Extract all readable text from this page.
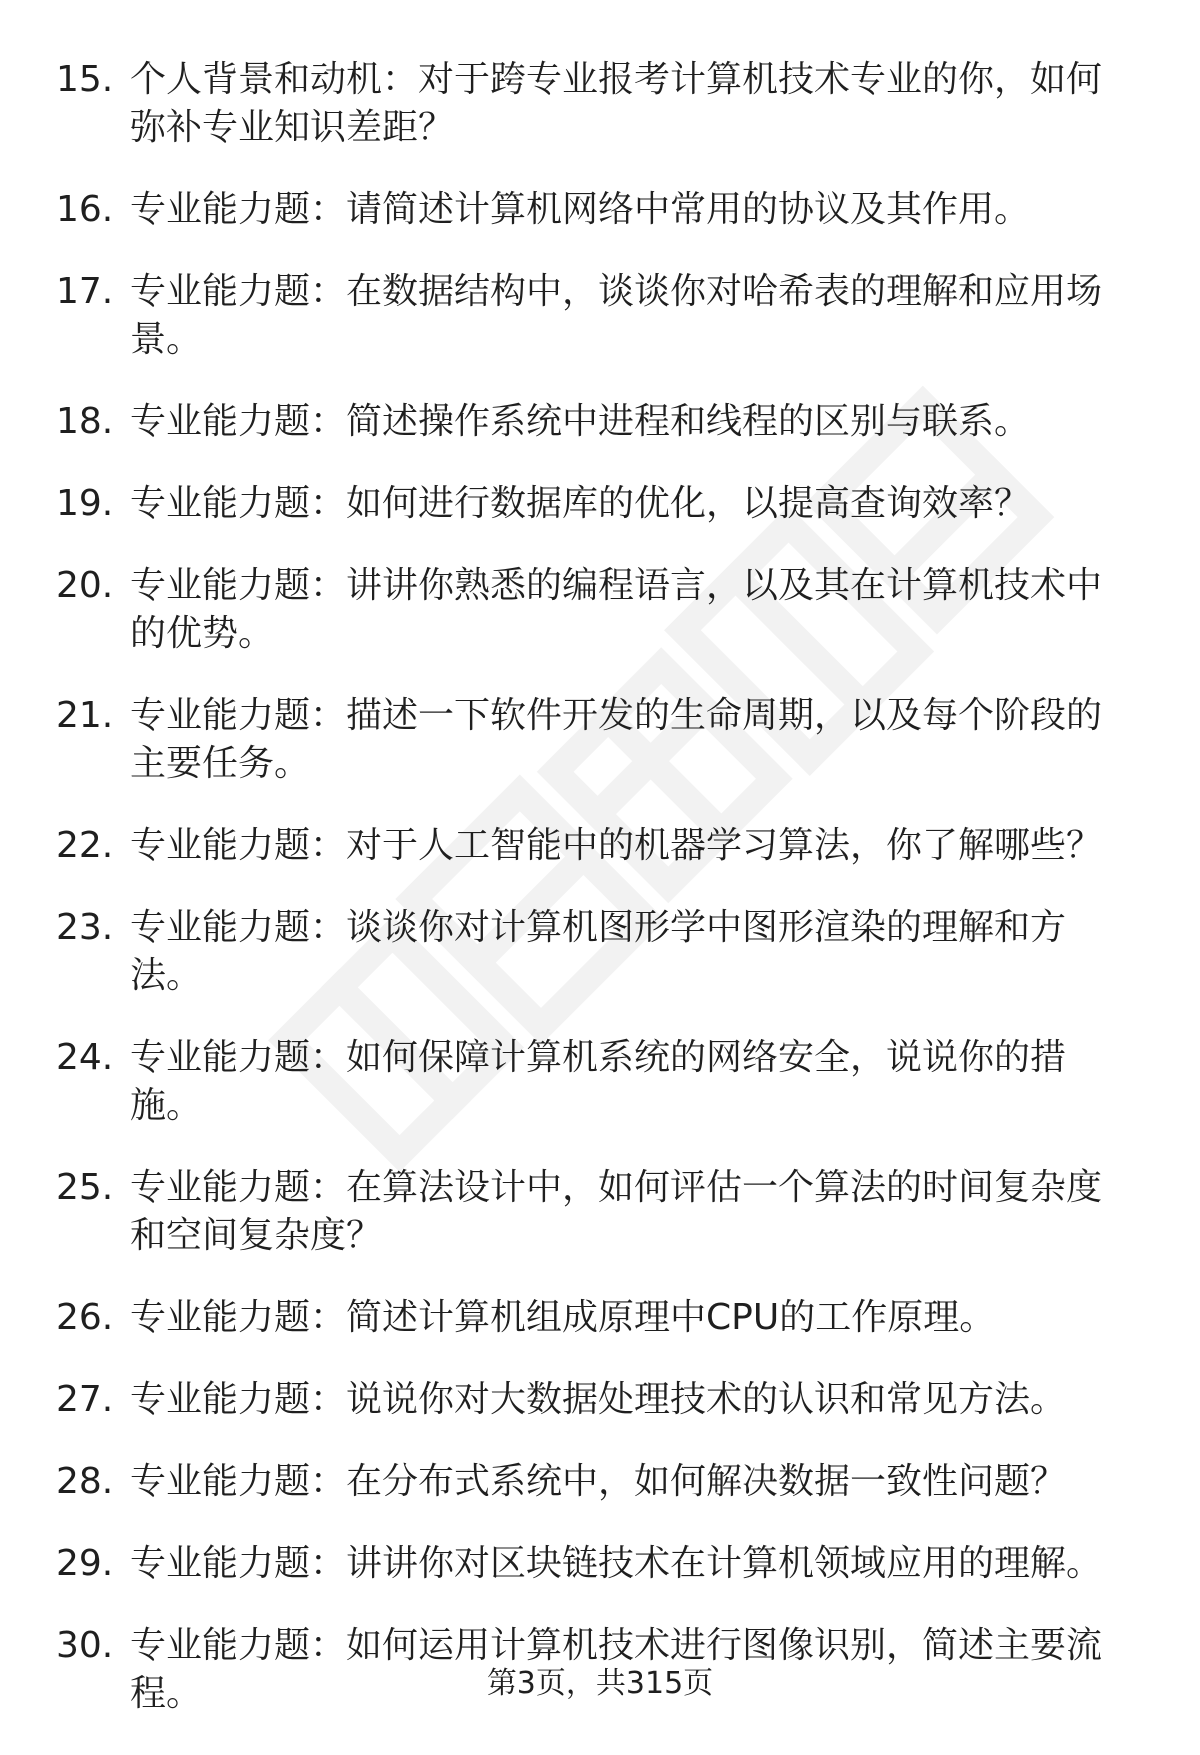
15. 个人背景和动机：对于跨专业报考计算机技术专业的你，如何弥补专业知识差距？
16. 专业能力题：请简述计算机网络中常用的协议及其作用。
17. 专业能力题：在数据结构中，谈谈你对哈希表的理解和应用场景。
18. 专业能力题：简述操作系统中进程和线程的区别与联系。
19. 专业能力题：如何进行数据库的优化，以提高查询效率？
20. 专业能力题：讲讲你熟悉的编程语言，以及其在计算机技术中的优势。
21. 专业能力题：描述一下软件开发的生命周期，以及每个阶段的主要任务。
22. 专业能力题：对于人工智能中的机器学习算法，你了解哪些？
23. 专业能力题：谈谈你对计算机图形学中图形渲染的理解和方法。
24. 专业能力题：如何保障计算机系统的网络安全，说说你的措施。
25. 专业能力题：在算法设计中，如何评估一个算法的时间复杂度和空间复杂度？
26. 专业能力题：简述计算机组成原理中CPU的工作原理。
27. 专业能力题：说说你对大数据处理技术的认识和常见方法。
28. 专业能力题：在分布式系统中，如何解决数据一致性问题？
29. 专业能力题：讲讲你对区块链技术在计算机领域应用的理解。
30. 专业能力题：如何运用计算机技术进行图像识别，简述主要流程。	第3页，共315页
